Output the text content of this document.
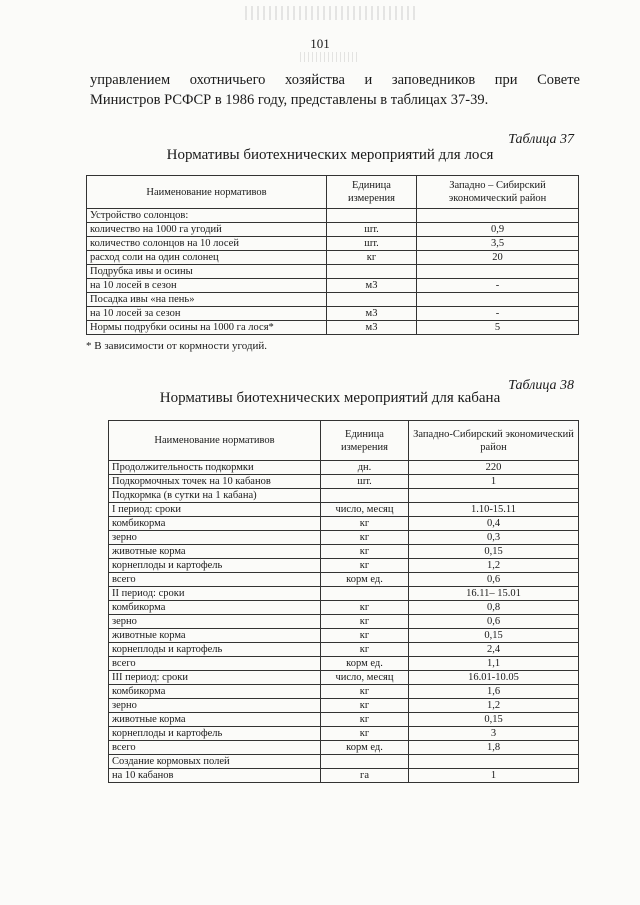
101
управлением охотничьего хозяйства и заповедников при Совете
Министров РСФСР в 1986 году, представлены в таблицах 37-39.
Таблица 37
Нормативы биотехнических мероприятий для лося
Наименование нормативов	Единица измерения	Западно – Сибирский экономический район
Устройство солонцов:		
количество на 1000 га угодий	шт.	0,9
количество солонцов на 10 лосей	шт.	3,5
расход соли на один солонец	кг	20
Подрубка ивы и осины		
на 10 лосей в сезон	м3	-
Посадка ивы «на пень»		
на 10 лосей за сезон	м3	-
Нормы подрубки осины на 1000 га лося*	м3	5
* В зависимости от кормности угодий.
Таблица 38
Нормативы биотехнических мероприятий для кабана
Наименование нормативов	Единица измерения	Западно-Сибирский экономический район
Продолжительность подкормки	дн.	220
Подкормочных точек на 10 кабанов	шт.	1
Подкормка (в сутки на 1 кабана)		
I период: сроки	число, месяц	1.10-15.11
комбикорма	кг	0,4
зерно	кг	0,3
животные корма	кг	0,15
корнеплоды и картофель	кг	1,2
всего	корм ед.	0,6
II период: сроки		16.11– 15.01
комбикорма	кг	0,8
зерно	кг	0,6
животные корма	кг	0,15
корнеплоды и картофель	кг	2,4
всего	корм ед.	1,1
III период: сроки	число, месяц	16.01-10.05
комбикорма	кг	1,6
зерно	кг	1,2
животные корма	кг	0,15
корнеплоды и картофель	кг	3
всего	корм ед.	1,8
Создание кормовых полей		
на 10 кабанов	га	1
